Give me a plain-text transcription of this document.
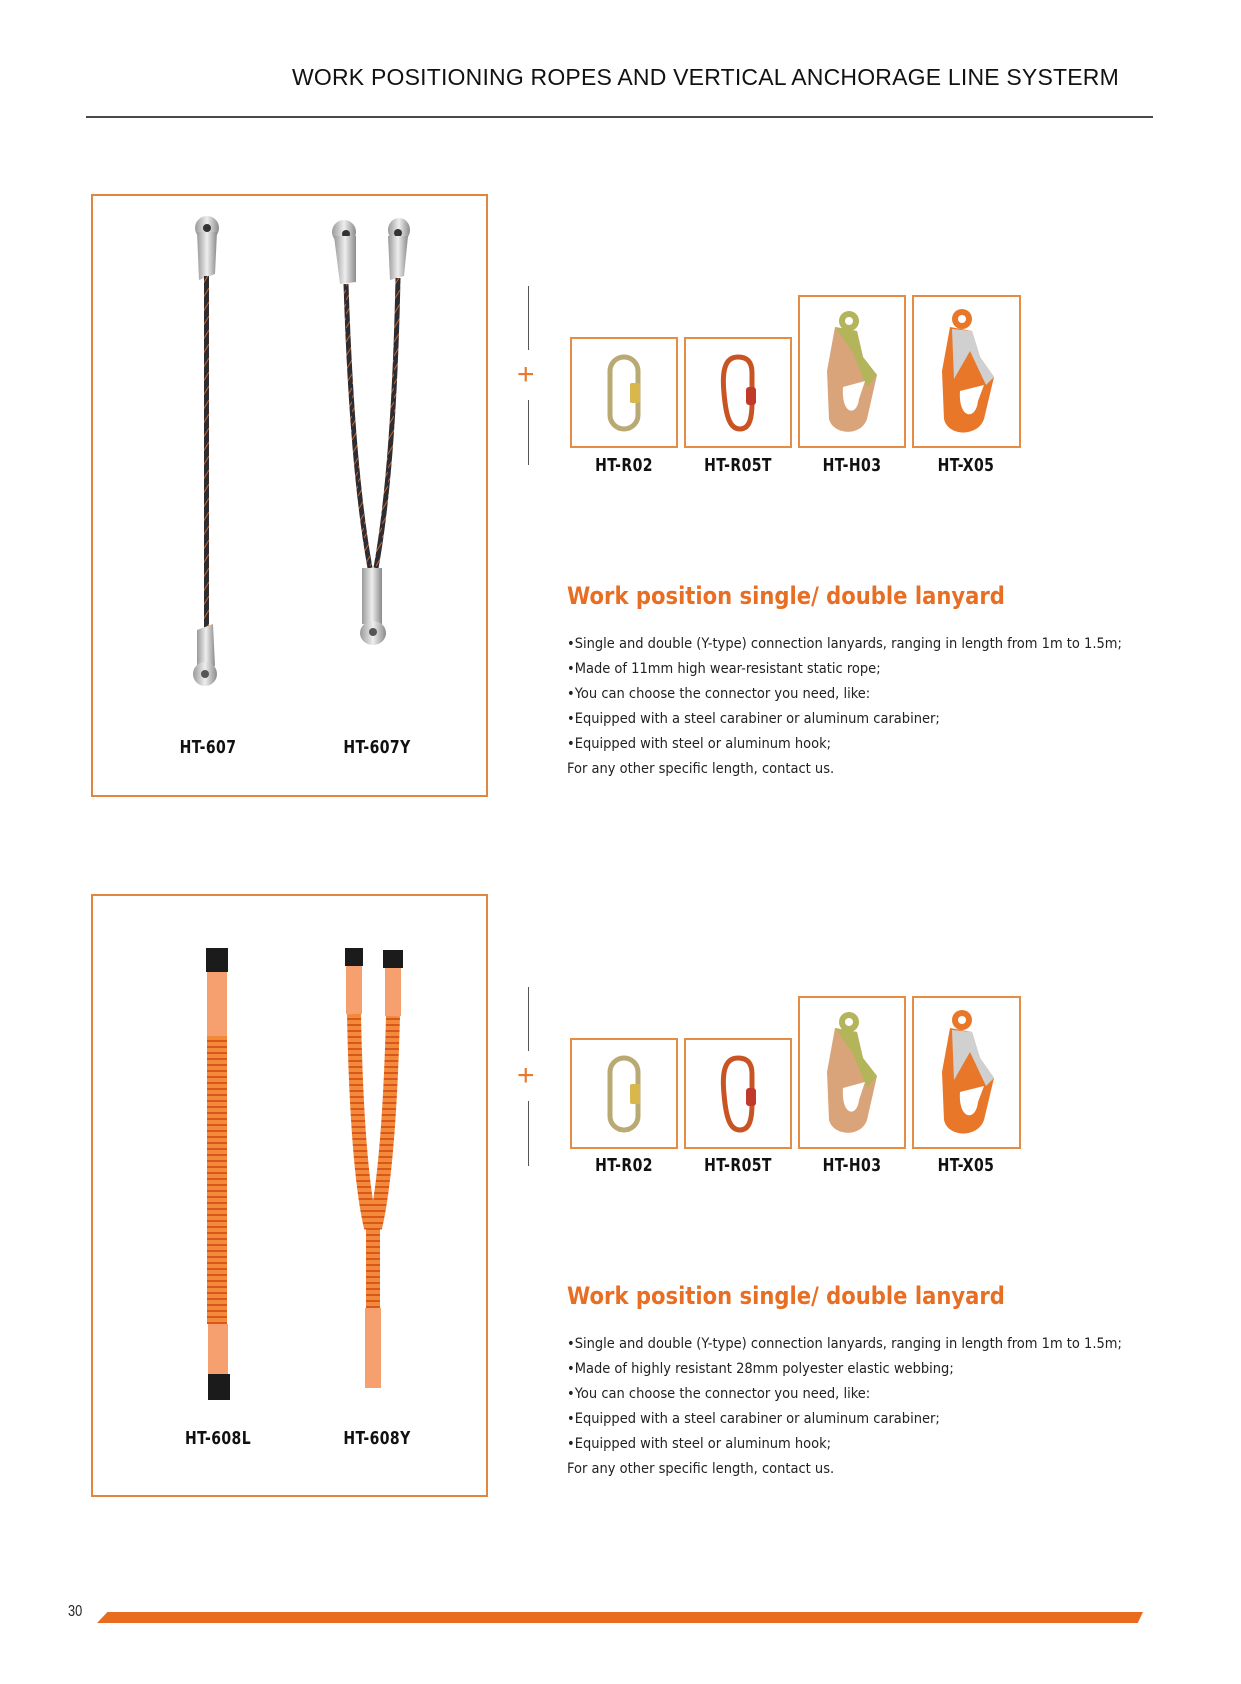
WORK POSITIONING ROPES AND VERTICAL ANCHORAGE LINE SYSTERM
HT-607	HT-607Y
+
HT-R02	HT-R05T	HT-H03	HT-X05
Work position single/ double lanyard
•Single and double (Y-type) connection lanyards, ranging in length from 1m to 1.5m;
•Made of 11mm high wear-resistant static rope;
•You can choose the connector you need, like:
•Equipped with a steel carabiner or aluminum carabiner;
•Equipped with steel or aluminum hook;
For any other specific length, contact us.
HT-608L	HT-608Y
+
HT-R02	HT-R05T	HT-H03	HT-X05
Work position single/ double lanyard
•Single and double (Y-type) connection lanyards, ranging in length from 1m to 1.5m;
•Made of highly resistant 28mm polyester elastic webbing;
•You can choose the connector you need, like:
•Equipped with a steel carabiner or aluminum carabiner;
•Equipped with steel or aluminum hook;
For any other specific length, contact us.
30
